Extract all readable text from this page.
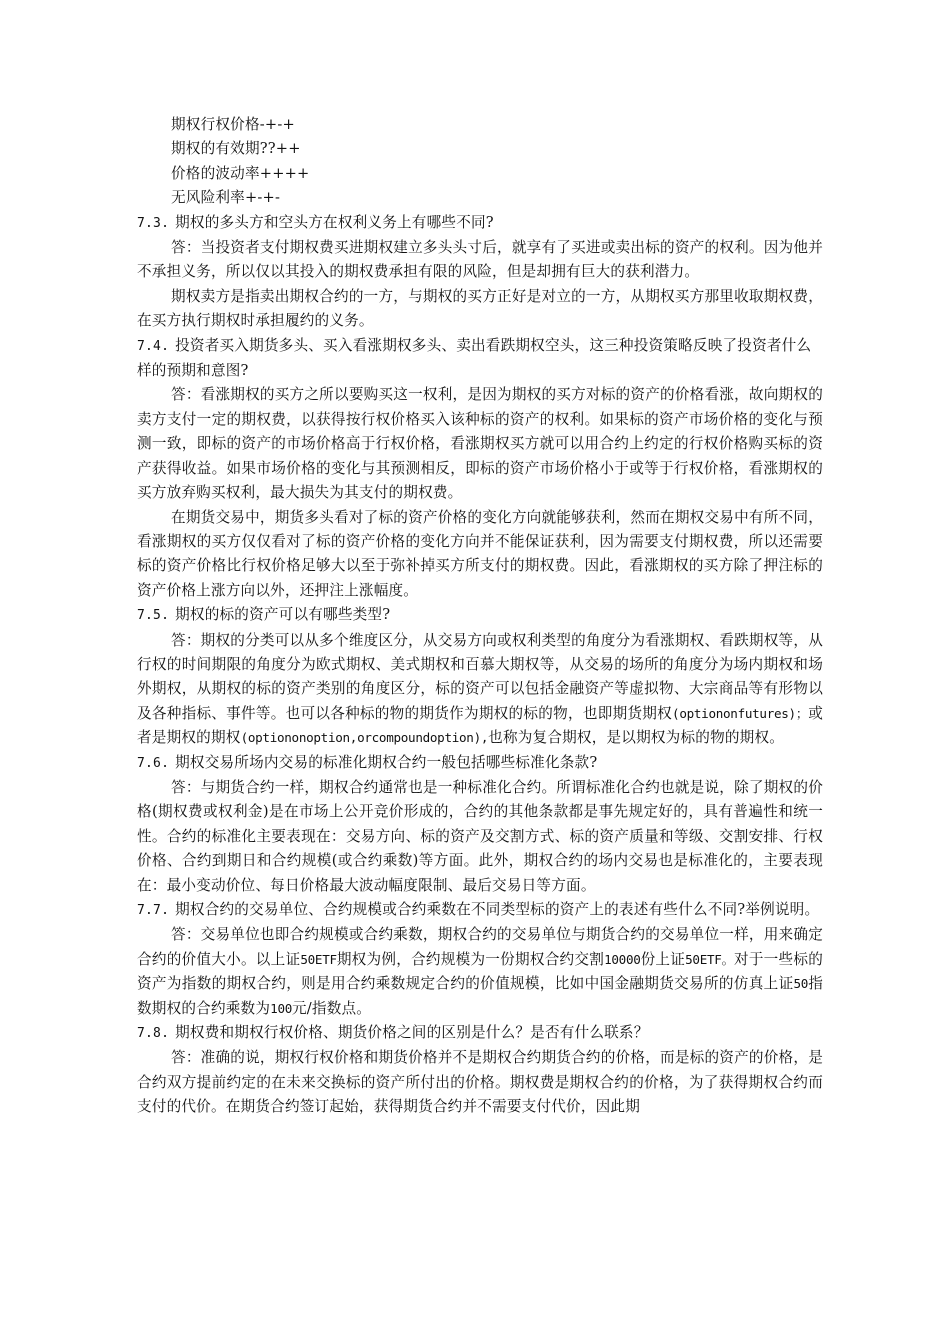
期权行权价格-+-+

期权的有效期??++

价格的波动率++++

无风险利率+-+-

7.3. 期权的多头方和空头方在权利义务上有哪些不同?

答：当投资者支付期权费买进期权建立多头头寸后，就享有了买进或卖出标的资产的权利。因为他并不承担义务，所以仅以其投入的期权费承担有限的风险，但是却拥有巨大的获利潜力。

期权卖方是指卖出期权合约的一方，与期权的买方正好是对立的一方，从期权买方那里收取期权费，在买方执行期权时承担履约的义务。

7.4. 投资者买入期货多头、买入看涨期权多头、卖出看跌期权空头，这三种投资策略反映了投资者什么样的预期和意图?

答：看涨期权的买方之所以要购买这一权利，是因为期权的买方对标的资产的价格看涨，故向期权的卖方支付一定的期权费，以获得按行权价格买入该种标的资产的权利。如果标的资产市场价格的变化与预测一致，即标的资产的市场价格高于行权价格，看涨期权买方就可以用合约上约定的行权价格购买标的资产获得收益。如果市场价格的变化与其预测相反，即标的资产市场价格小于或等于行权价格，看涨期权的买方放弃购买权利，最大损失为其支付的期权费。

在期货交易中，期货多头看对了标的资产价格的变化方向就能够获利，然而在期权交易中有所不同，看涨期权的买方仅仅看对了标的资产价格的变化方向并不能保证获利，因为需要支付期权费，所以还需要标的资产价格比行权价格足够大以至于弥补掉买方所支付的期权费。因此，看涨期权的买方除了押注标的资产价格上涨方向以外，还押注上涨幅度。

7.5. 期权的标的资产可以有哪些类型?

答：期权的分类可以从多个维度区分，从交易方向或权利类型的角度分为看涨期权、看跌期权等，从行权的时间期限的角度分为欧式期权、美式期权和百慕大期权等，从交易的场所的角度分为场内期权和场外期权，从期权的标的资产类别的角度区分，标的资产可以包括金融资产等虚拟物、大宗商品等有形物以及各种指标、事件等。也可以各种标的物的期货作为期权的标的物，也即期货期权(optiononfutures)；或者是期权的期权(optiononoption,orcompoundoption),也称为复合期权，是以期权为标的物的期权。

7.6. 期权交易所场内交易的标准化期权合约一般包括哪些标准化条款?

答：与期货合约一样，期权合约通常也是一种标准化合约。所谓标准化合约也就是说，除了期权的价格(期权费或权利金)是在市场上公开竞价形成的，合约的其他条款都是事先规定好的，具有普遍性和统一性。合约的标准化主要表现在：交易方向、标的资产及交割方式、标的资产质量和等级、交割安排、行权价格、合约到期日和合约规模(或合约乘数)等方面。此外，期权合约的场内交易也是标准化的，主要表现在：最小变动价位、每日价格最大波动幅度限制、最后交易日等方面。

7.7. 期权合约的交易单位、合约规模或合约乘数在不同类型标的资产上的表述有些什么不同?举例说明。

答：交易单位也即合约规模或合约乘数，期权合约的交易单位与期货合约的交易单位一样，用来确定合约的价值大小。以上证50ETF期权为例，合约规模为一份期权合约交割10000份上证50ETF。对于一些标的资产为指数的期权合约，则是用合约乘数规定合约的价值规模，比如中国金融期货交易所的仿真上证50指数期权的合约乘数为100元/指数点。

7.8. 期权费和期权行权价格、期货价格之间的区别是什么？是否有什么联系？

答：准确的说，期权行权价格和期货价格并不是期权合约期货合约的价格，而是标的资产的价格，是合约双方提前约定的在未来交换标的资产所付出的价格。期权费是期权合约的价格，为了获得期权合约而支付的代价。在期货合约签订起始，获得期货合约并不需要支付代价，因此期
